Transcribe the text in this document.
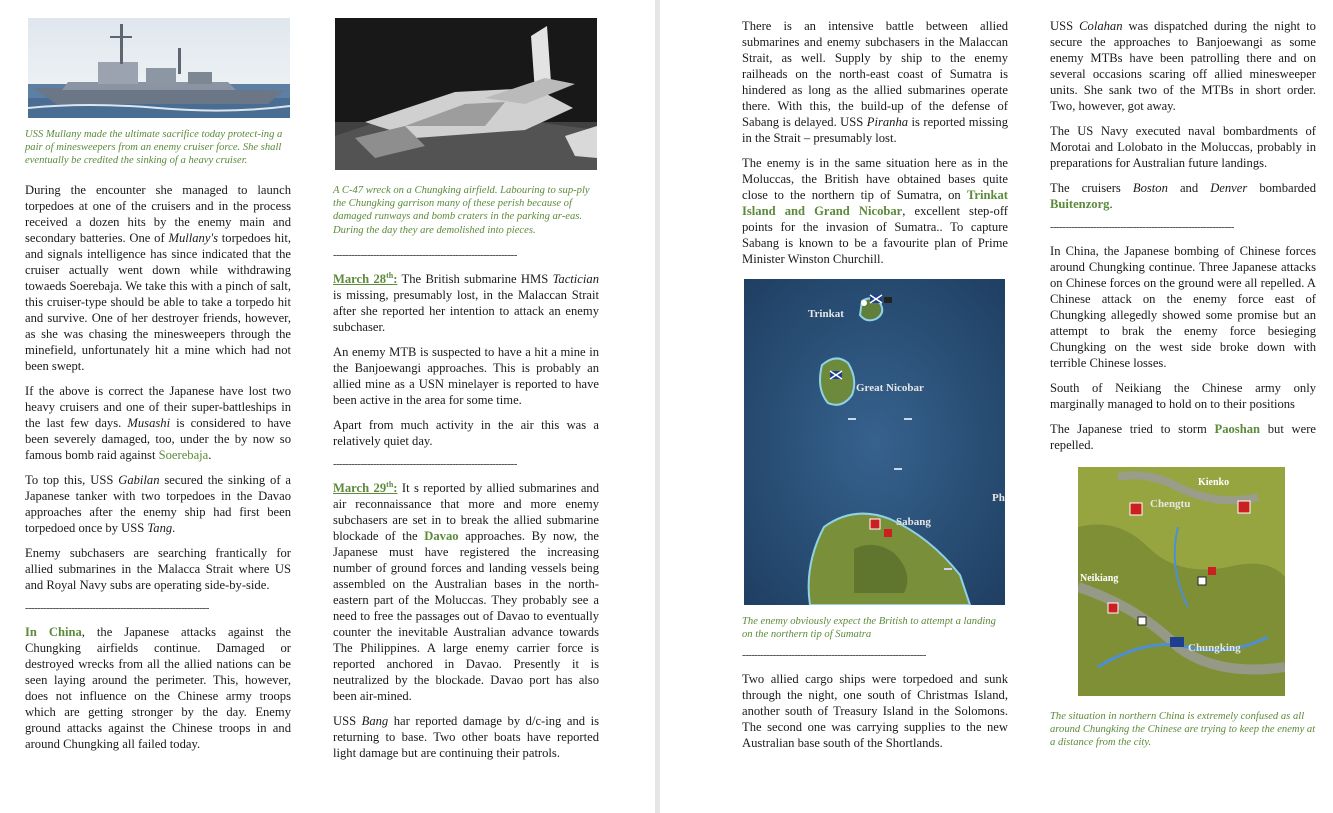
USS Mullany made the ultimate sacrifice today protect-ing a pair of minesweepers from an enemy cruiser force. She shall eventually be credited the sinking of a heavy cruiser.

During the encounter she managed to launch torpedoes at one of the cruisers and in the process received a dozen hits by the enemy main and secondary batteries. One of Mullany's torpedoes hit, and signals intelligence has since indicated that the cruiser actually went down while withdrawing towaeds Soerebaja. We take this with a pinch of salt, this cruiser-type should be able to take a torpedo hit and survive. One of her destroyer friends, however, as she was chasing the minesweepers through the minefield, unfortunately hit a mine which had not been swept.

If the above is correct the Japanese have lost two heavy cruisers and one of their super-battleships in the last few days. Musashi is considered to have been severely damaged, too, under the by now so famous bomb raid against Soerebaja.

To top this, USS Gabilan secured the sinking of a Japanese tanker with two torpedoes in the Davao approaches after the enemy ship had first been torpedoed once by USS Tang.

Enemy subchasers are searching frantically for allied submarines in the Malacca Strait where US and Royal Navy subs are operating side-by-side.

------------------------------------------------------------

In China, the Japanese attacks against the Chungking airfields continue. Damaged or destroyed wrecks from all the allied nations can be seen laying around the perimeter. This, however, does not influence on the Chinese army troops which are getting stronger by the day. Enemy ground attacks against the Chinese troops in and around Chungking all failed today.

A C-47 wreck on a Chungking airfield. Labouring to sup-ply the Chungking garrison many of these perish because of damaged runways and bomb craters in the parking ar-eas. During the day they are demolished into pieces.

------------------------------------------------------------

March 28th: The British submarine HMS Tactician is missing, presumably lost, in the Malaccan Strait after she reported her intention to attack an enemy subchaser.

An enemy MTB is suspected to have a hit a mine in the Banjoewangi approaches. This is probably an allied mine as a USN minelayer is reported to have been active in the area for some time.

Apart from much activity in the air this was a relatively quiet day.

------------------------------------------------------------

March 29th: It s reported by allied submarines and air reconnaissance that more and more enemy subchasers are set in to break the allied submarine blockade of the Davao approaches. By now, the Japanese must have registered the increasing number of ground forces and landing vessels being assembled on the Australian bases in the north-eastern part of the Moluccas. They probably see a need to free the passages out of Davao to eventually counter the inevitable Australian advance towards The Philippines. A large enemy carrier force is reported anchored in Davao. Presently it is neutralized by the blockade. Davao port has also been air-mined.

USS Bang har reported damage by d/c-ing and is returning to base. Two other boats have reported light damage but are continuing their patrols.

There is an intensive battle between allied submarines and enemy subchasers in the Malaccan Strait, as well. Supply by ship to the enemy railheads on the north-east coast of Sumatra is hindered as long as the allied submarines operate there. With this, the build-up of the defense of Sabang is delayed. USS Piranha is reported missing in the Strait – presumably lost.

The enemy is in the same situation here as in the Moluccas, the British have obtained bases quite close to the northern tip of Sumatra, on Trinkat Island and Grand Nicobar, excellent step-off points for the invasion of Sumatra.. To capture Sabang is known to be a favourite plan of Prime Minister Winston Churchill.

Trinkat
Great Nicobar
Sabang
Ph

The enemy obviously expect the British to attempt a landing on the northern tip of Sumatra

------------------------------------------------------------

Two allied cargo ships were torpedoed and sunk through the night, one south of Christmas Island, another south of Treasury Island in the Solomons. The second one was carrying supplies to the new Australian base south of the Shortlands.

USS Colahan was dispatched during the night to secure the approaches to Banjoewangi as some enemy MTBs have been patrolling there and on several occasions scaring off allied minesweeper units. She sank two of the MTBs in short order. Two, however, got away.

The US Navy executed naval bombardments of Morotai and Lolobato in the Moluccas, probably in preparations for Australian future landings.

The cruisers Boston and Denver bombarded Buitenzorg.

------------------------------------------------------------

In China, the Japanese bombing of Chinese forces around Chungking continue. Three Japanese attacks on Chinese forces on the ground were all repelled. A Chinese attack on the enemy force east of Chungking allegedly showed some promise but an attempt to brak the enemy force besieging Chungking on the west side broke down with terrible Chinese losses.

South of Neikiang the Chinese army only marginally managed to hold on to their positions

The Japanese tried to storm Paoshan but were repelled.

Chengtu
Kienko
Neikiang
Chungking

The situation in northern China is extremely confused as all around Chungking the Chinese are trying to keep the enemy at a distance from the city.
